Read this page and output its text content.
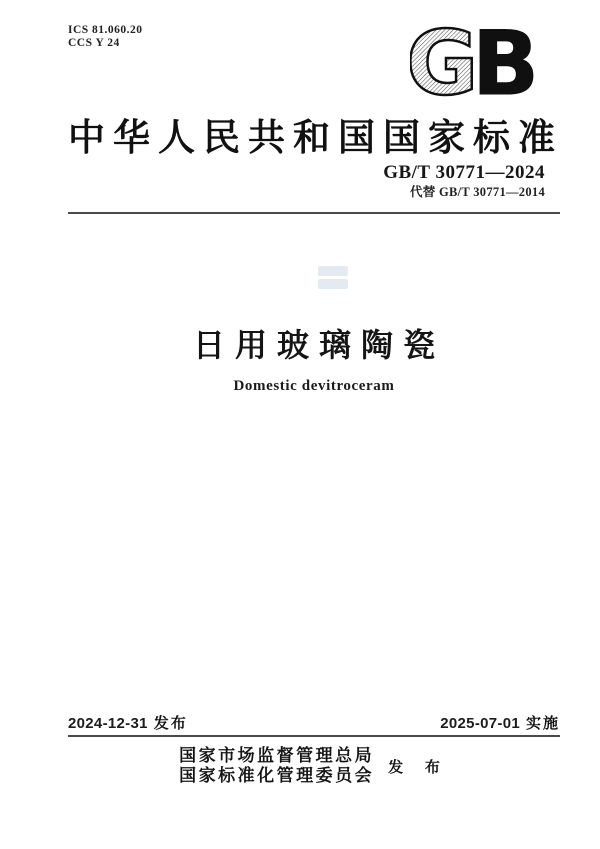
ICS 81.060.20
CCS Y 24	G B
中华人民共和国国家标准
GB/T 30771—2024
代替 GB/T 30771—2014
日用玻璃陶瓷
Domestic devitroceram
2024-12-31 发布	2025-07-01 实施
国家市场监督管理总局
国家标准化管理委员会 发 布
